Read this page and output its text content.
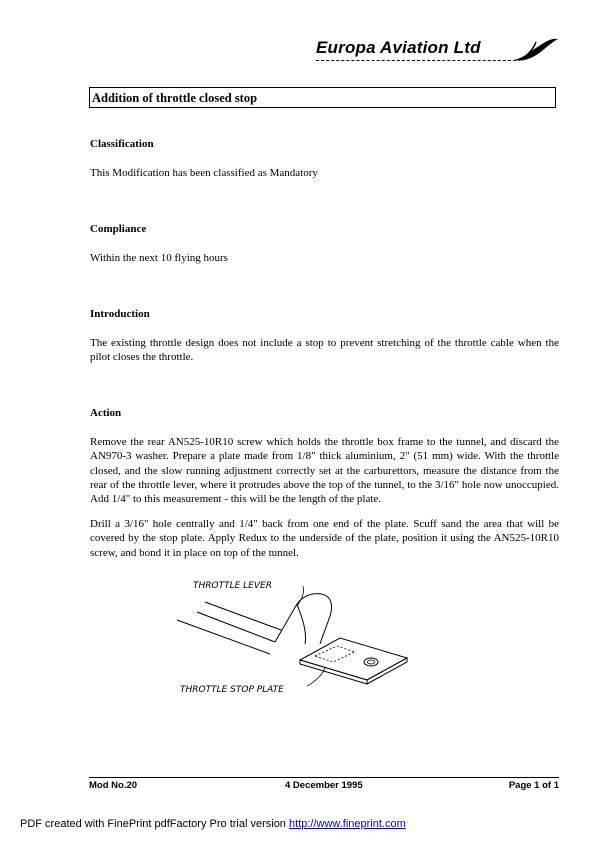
Europa Aviation Ltd
Addition of throttle closed stop
Classification
This Modification has been classified as Mandatory
Compliance
Within the next 10 flying hours
Introduction
The existing throttle design does not include a stop to prevent stretching of the throttle cable when the pilot closes the throttle.
Action
Remove the rear AN525-10R10 screw which holds the throttle box frame to the tunnel, and discard the AN970-3 washer. Prepare a plate made from 1/8" thick aluminium, 2" (51 mm) wide. With the throttle closed, and the slow running adjustment correctly set at the carburettors, measure the distance from the rear of the throttle lever, where it protrudes above the top of the tunnel, to the 3/16" hole now unoccupied. Add 1/4" to this measurement - this will be the length of the plate.
Drill a 3/16" hole centrally and 1/4" back from one end of the plate. Scuff sand the area that will be covered by the stop plate. Apply Redux to the underside of the plate, position it using the AN525-10R10 screw, and bond it in place on top of the tunnel.
THROTTLE LEVER
THROTTLE STOP PLATE
Mod No.20	4 December 1995	Page 1 of 1
PDF created with FinePrint pdfFactory Pro trial version http://www.fineprint.com
